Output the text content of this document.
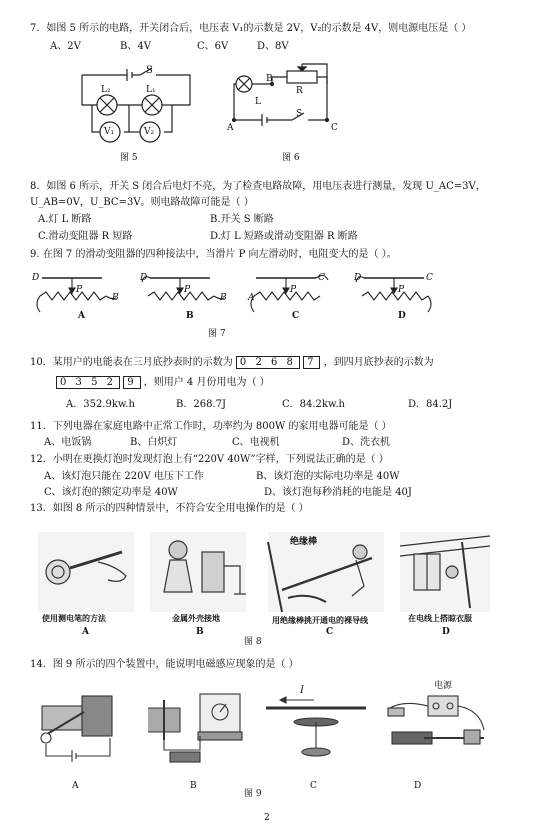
7．如图 5 所示的电路，开关闭合后，电压表 V₁的示数是 2V，V₂的示数是 4V，则电源电压是（ ）
A、2V	B、4V	C、6V	D、8V
S
L₂	L₁
V₁	V₂
图 5
B
R
L
S
A	C
图 6
8．如图 6 所示，开关 S 闭合后电灯不亮，为了检查电路故障，用电压表进行测量，发现 U_AC=3V，
U_AB=0V，U_BC=3V。则电路故障可能是（ ）
A.灯 L 断路	B.开关 S 断路
C.滑动变阻器 R 短路	D.灯 L 短路或滑动变阻器 R 断路
9. 在图 7 的滑动变阻器的四种接法中，当滑片 P 向左滑动时，电阻变大的是（ ）。
D
P
B
D
P
B A
P
C	D
P
C
A	B	C	D
图 7
10．某用户的电能表在三月底抄表时的示数为 0 2 6 8 7 ，到四月底抄表的示数为
0 3 5 2 9 ，则用户 4 月份用电为（ ）
A．352.9kw.h	B．268.7J	C．84.2kw.h	D．84.2J
11．下列电器在家庭电路中正常工作时，功率约为 800W 的家用电器可能是（ ）
A、电饭锅	B、白炽灯	C、电视机	D、洗衣机
12．小明在更换灯泡时发现灯泡上有“220V 40W”字样，下列说法正确的是（ ）
A、该灯泡只能在 220V 电压下工作	B、该灯泡的实际电功率是 40W
C、该灯泡的额定功率是 40W	D、该灯泡每秒消耗的电能是 40J
13．如图 8 所示的四种情景中，不符合安全用电操作的是（ ）
绝缘棒
使用测电笔的方法	金属外壳接地	用绝缘棒挑开通电的裸导线	在电线上搭晾衣服
A	B	C	D
图 8
14．图 9 所示的四个装置中，能说明电磁感应现象的是（ ）
I	电源
A	B	C	D
图 9
2
